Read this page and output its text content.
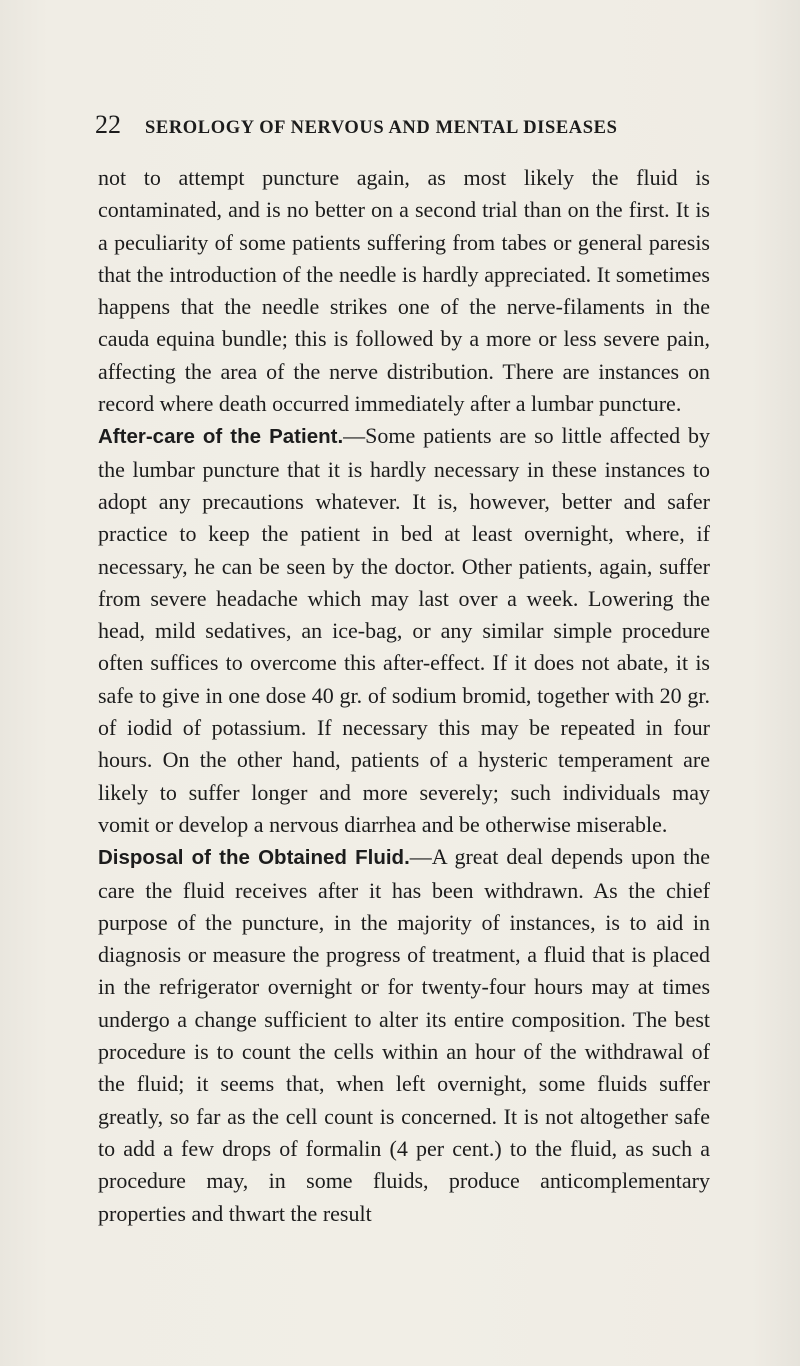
22 SEROLOGY OF NERVOUS AND MENTAL DISEASES

not to attempt puncture again, as most likely the fluid is contaminated, and is no better on a second trial than on the first. It is a peculiarity of some patients suffering from tabes or general paresis that the introduction of the needle is hardly appreciated. It sometimes happens that the needle strikes one of the nerve-filaments in the cauda equina bundle; this is followed by a more or less severe pain, affecting the area of the nerve distribution. There are instances on record where death occurred immediately after a lumbar puncture.

After-care of the Patient.—Some patients are so little affected by the lumbar puncture that it is hardly necessary in these instances to adopt any precautions whatever. It is, however, better and safer practice to keep the patient in bed at least overnight, where, if necessary, he can be seen by the doctor. Other patients, again, suffer from severe headache which may last over a week. Lowering the head, mild sedatives, an ice-bag, or any similar simple procedure often suffices to overcome this after-effect. If it does not abate, it is safe to give in one dose 40 gr. of sodium bromid, together with 20 gr. of iodid of potassium. If necessary this may be repeated in four hours. On the other hand, patients of a hysteric temperament are likely to suffer longer and more severely; such individuals may vomit or develop a nervous diarrhea and be otherwise miserable.

Disposal of the Obtained Fluid.—A great deal depends upon the care the fluid receives after it has been withdrawn. As the chief purpose of the puncture, in the majority of instances, is to aid in diagnosis or measure the progress of treatment, a fluid that is placed in the refrigerator overnight or for twenty-four hours may at times undergo a change sufficient to alter its entire composition. The best procedure is to count the cells within an hour of the withdrawal of the fluid; it seems that, when left overnight, some fluids suffer greatly, so far as the cell count is concerned. It is not altogether safe to add a few drops of formalin (4 per cent.) to the fluid, as such a procedure may, in some fluids, produce anticomplementary properties and thwart the result
